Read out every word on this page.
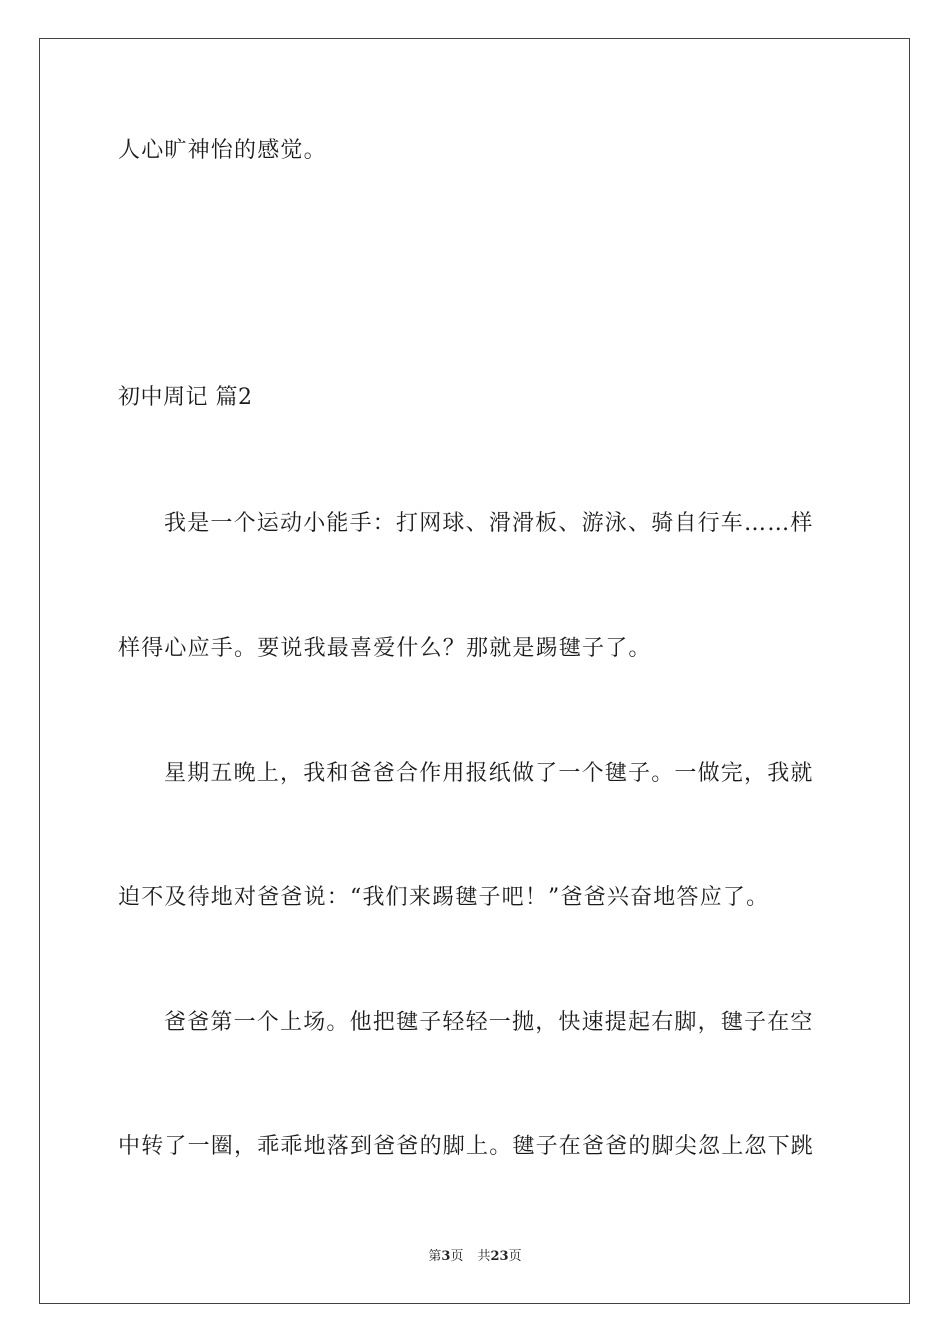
人心旷神怡的感觉。
初中周记 篇2
我是一个运动小能手：打网球、滑滑板、游泳、骑自行车……样
样得心应手。要说我最喜爱什么？那就是踢毽子了。
星期五晚上，我和爸爸合作用报纸做了一个毽子。一做完，我就
迫不及待地对爸爸说：“我们来踢毽子吧！”爸爸兴奋地答应了。
爸爸第一个上场。他把毽子轻轻一抛，快速提起右脚，毽子在空
中转了一圈，乖乖地落到爸爸的脚上。毽子在爸爸的脚尖忽上忽下跳
第3页 共23页
